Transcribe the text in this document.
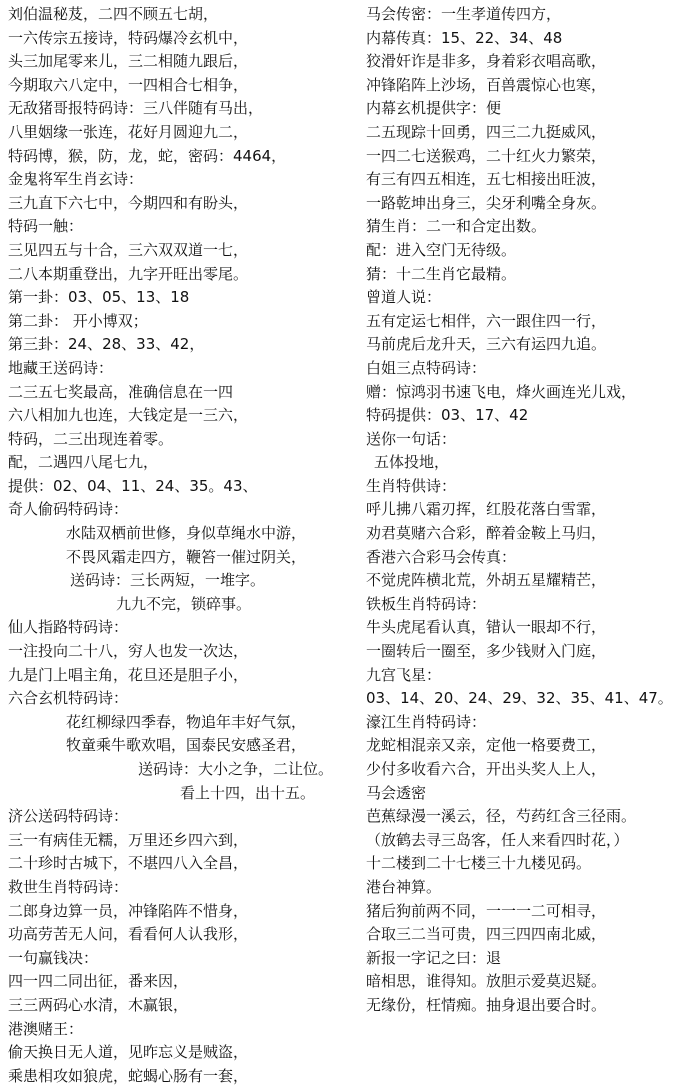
刘伯温秘芨，二四不顾五七胡，
一六传宗五接诗，特码爆冷玄机中，
头三加尾零来儿，三二相随九跟后，
今期取六八定中，一四相合七相争，
无敌猪哥报特码诗：三八伴随有马出，
八里姻缘一张连，花好月圆迎九二，
特码博，猴，防，龙，蛇，密码：4464，
金鬼将军生肖玄诗：
三九直下六七中，今期四和有盼头，
特码一触：
三见四五与十合，三六双双道一七，
二八本期重登出，九字开旺出零尾。
第一卦：03、05、13、18
第二卦： 开小博双；
第三卦：24、28、33、42，
地藏王送码诗：
二三五七奖最高，准确信息在一四
六八相加九也连，大钱定是一三六，
特码，二三出现连着零。
配，二遇四八尾七九，
提供：02、04、11、24、35。43、
奇人偷码特码诗：
水陆双栖前世修，身似草绳水中游，
不畏风霜走四方，鞭笞一催过阴关，
送码诗：三长两短，一堆字。
九九不完，锁碎事。
仙人指路特码诗：
一注投向二十八，穷人也发一次达，
九是门上唱主角，花旦还是胆子小，
六合玄机特码诗：
花红柳绿四季春，物追年丰好气氛，
牧童乘牛歌欢唱，国泰民安感圣君，
送码诗：大小之争，二让位。
看上十四，出十五。
济公送码特码诗：
三一有病佳无糯，万里还乡四六到，
二十珍时古城下，不堪四八入全昌，
救世生肖特码诗：
二郎身边算一员，冲锋陷阵不惜身，
功高劳苦无人问，看看何人认我形，
一句赢钱决：
四一四二同出征，番来因，
三三两码心水清，木赢银，
港澳赌王：
偷天换日无人道，见昨忘义是贼盗，
乘患相攻如狼虎，蛇蝎心肠有一套，
马会传密：一生孝道传四方，
内幕传真：15、22、34、48
狡滑奸诈是非多，身着彩衣唱高歌，
冲锋陷阵上沙场，百兽震惊心也寒，
内幕玄机提供字：便
二五现踪十回勇，四三二九挺威风，
一四二七送猴鸡，二十红火力繁荣，
有三有四五相连，五七相接出旺波，
一路乾坤出身三，尖牙利嘴全身灰。
猜生肖：二一和合定出数。
配：进入空门无待级。
猜：十二生肖它最精。
曾道人说：
五有定运七相伴，六一跟住四一行，
马前虎后龙升天，三六有运四九追。
白姐三点特码诗：
赠：惊鸿羽书速飞电，烽火画连光儿戏，
特码提供：03、17、42
送你一句话：
五体投地，
生肖特供诗：
呼儿拂八霜刃挥，红股花落白雪霏，
劝君莫赌六合彩，醉着金鞍上马归，
香港六合彩马会传真：
不觉虎阵横北荒，外胡五星耀精芒，
铁板生肖特码诗：
牛头虎尾看认真，错认一眼却不行，
一圈转后一圈至，多少钱财入门庭，
九宫飞星：
03、14、20、24、29、32、35、41、47。
濠江生肖特码诗：
龙蛇相混亲又亲，定他一格要费工，
少付多收看六合，开出头奖人上人，
马会透密
芭蕉绿漫一溪云，径，芍药红含三径雨。
（放鹤去寻三岛客，任人来看四时花，）
十二楼到二十七楼三十九楼见码。
港台神算。
猪后狗前两不同，一一一二可相寻，
合取三二当可贵，四三四四南北威，
新报一字记之曰：退
暗相思，谁得知。放胆示爱莫迟疑。
无缘份，枉情痴。抽身退出要合时。
